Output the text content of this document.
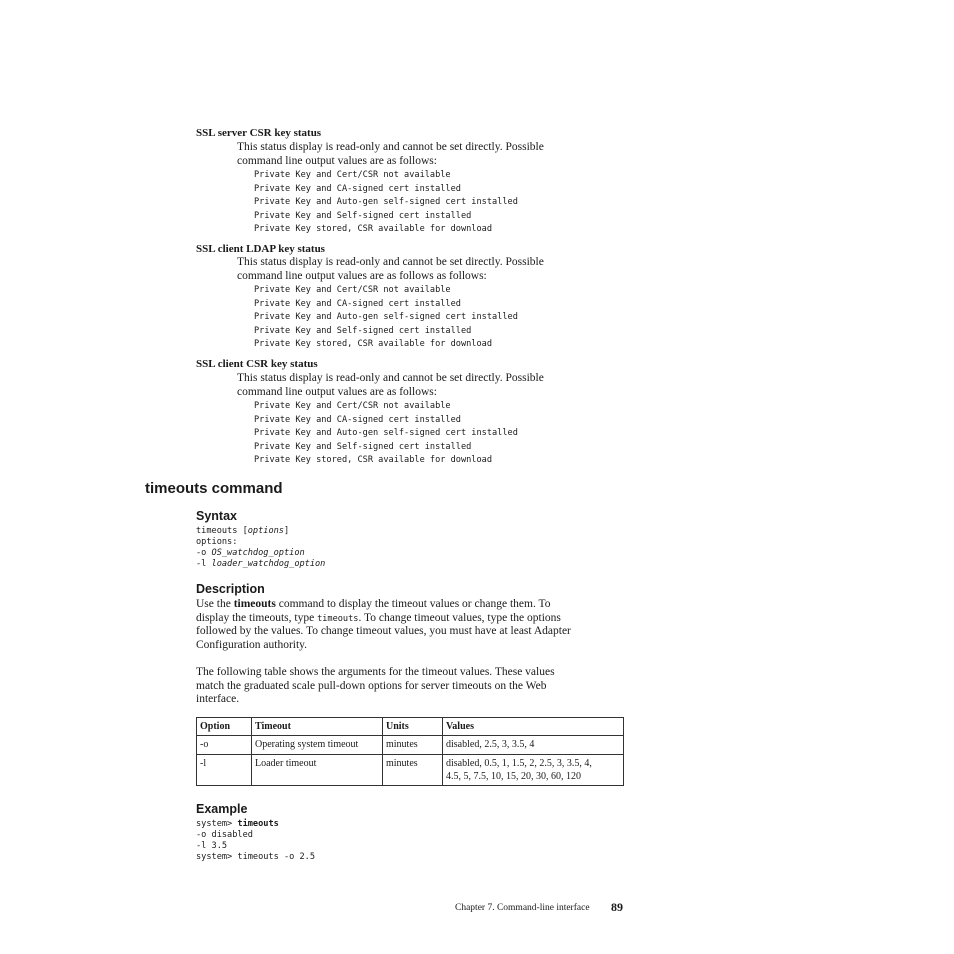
SSL server CSR key status
This status display is read-only and cannot be set directly. Possible
command line output values are as follows:
Private Key and Cert/CSR not available
Private Key and CA-signed cert installed
Private Key and Auto-gen self-signed cert installed
Private Key and Self-signed cert installed
Private Key stored, CSR available for download
SSL client LDAP key status
This status display is read-only and cannot be set directly. Possible
command line output values are as follows as follows:
Private Key and Cert/CSR not available
Private Key and CA-signed cert installed
Private Key and Auto-gen self-signed cert installed
Private Key and Self-signed cert installed
Private Key stored, CSR available for download
SSL client CSR key status
This status display is read-only and cannot be set directly. Possible
command line output values are as follows:
Private Key and Cert/CSR not available
Private Key and CA-signed cert installed
Private Key and Auto-gen self-signed cert installed
Private Key and Self-signed cert installed
Private Key stored, CSR available for download
timeouts command
Syntax
timeouts [options]
options:
-o OS_watchdog_option
-l loader_watchdog_option
Description
Use the timeouts command to display the timeout values or change them. To
display the timeouts, type timeouts. To change timeout values, type the options
followed by the values. To change timeout values, you must have at least Adapter
Configuration authority.
The following table shows the arguments for the timeout values. These values
match the graduated scale pull-down options for server timeouts on the Web
interface.
Option	Timeout	Units	Values
-o	Operating system timeout	minutes	disabled, 2.5, 3, 3.5, 4

-l	Loader timeout	minutes	disabled, 0.5, 1, 1.5, 2, 2.5, 3, 3.5, 4,
4.5, 5, 7.5, 10, 15, 20, 30, 60, 120
Example
system> timeouts
-o disabled
-l 3.5
system> timeouts -o 2.5
Chapter 7. Command-line interface 89
